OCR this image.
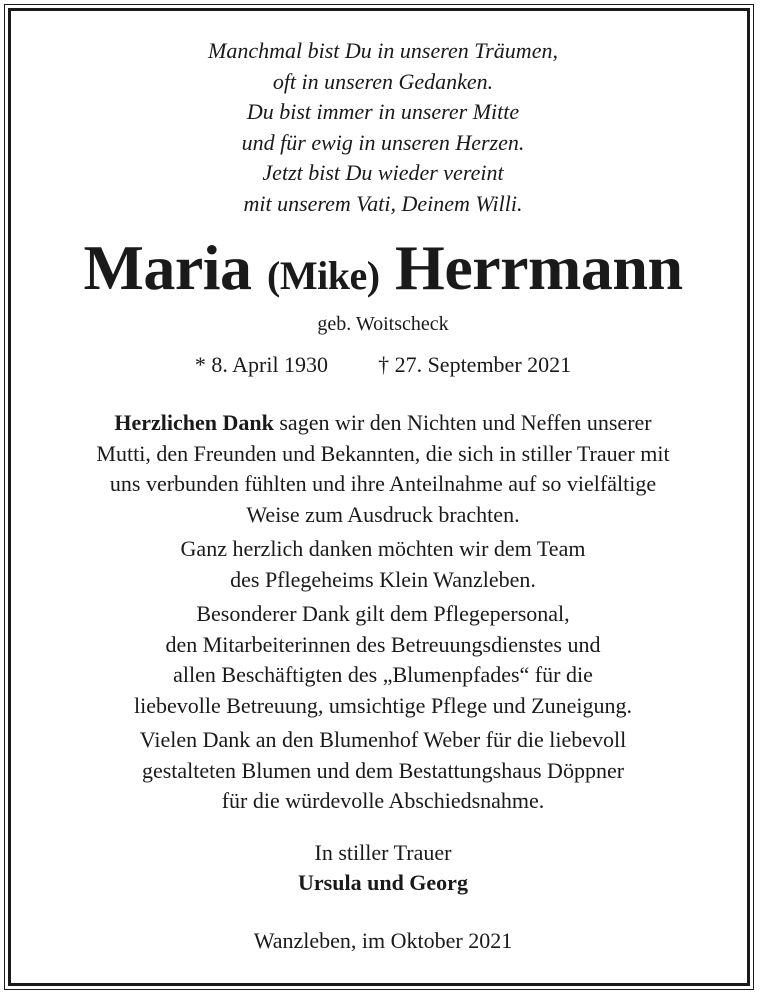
Manchmal bist Du in unseren Träumen,
oft in unseren Gedanken.
Du bist immer in unserer Mitte
und für ewig in unseren Herzen.
Jetzt bist Du wieder vereint
mit unserem Vati, Deinem Willi.
Maria (Mike) Herrmann
geb. Woitscheck
* 8. April 1930 † 27. September 2021
Herzlichen Dank sagen wir den Nichten und Neffen unserer
Mutti, den Freunden und Bekannten, die sich in stiller Trauer mit
uns verbunden fühlten und ihre Anteilnahme auf so vielfältige
Weise zum Ausdruck brachten.
Ganz herzlich danken möchten wir dem Team
des Pflegeheims Klein Wanzleben.
Besonderer Dank gilt dem Pflegepersonal,
den Mitarbeiterinnen des Betreuungsdienstes und
allen Beschäftigten des „Blumenpfades“ für die
liebevolle Betreuung, umsichtige Pflege und Zuneigung.
Vielen Dank an den Blumenhof Weber für die liebevoll
gestalteten Blumen und dem Bestattungshaus Döppner
für die würdevolle Abschiedsnahme.
In stiller Trauer
Ursula und Georg
Wanzleben, im Oktober 2021
